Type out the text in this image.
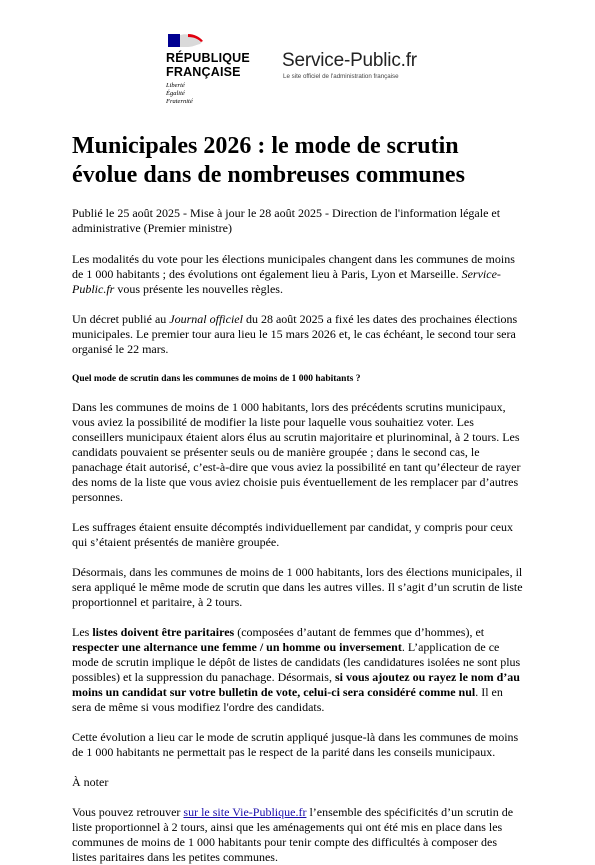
RÉPUBLIQUE
FRANÇAISE
Liberté
Égalité
Fraternité
Service-Public.fr
Le site officiel de l'administration française
Municipales 2026 : le mode de scrutin évolue dans de nombreuses communes

Publié le 25 août 2025 - Mise à jour le 28 août 2025 - Direction de l'information légale et administrative (Premier ministre)

Les modalités du vote pour les élections municipales changent dans les communes de moins de 1 000 habitants ; des évolutions ont également lieu à Paris, Lyon et Marseille. Service-Public.fr vous présente les nouvelles règles.

Un décret publié au Journal officiel du 28 août 2025 a fixé les dates des prochaines élections municipales. Le premier tour aura lieu le 15 mars 2026 et, le cas échéant, le second tour sera organisé le 22 mars.

Quel mode de scrutin dans les communes de moins de 1 000 habitants ?

Dans les communes de moins de 1 000 habitants, lors des précédents scrutins municipaux, vous aviez la possibilité de modifier la liste pour laquelle vous souhaitiez voter. Les conseillers municipaux étaient alors élus au scrutin majoritaire et plurinominal, à 2 tours. Les candidats pouvaient se présenter seuls ou de manière groupée ; dans le second cas, le panachage était autorisé, c’est-à-dire que vous aviez la possibilité en tant qu’électeur de rayer des noms de la liste que vous aviez choisie puis éventuellement de les remplacer par d’autres personnes.

Les suffrages étaient ensuite décomptés individuellement par candidat, y compris pour ceux qui s’étaient présentés de manière groupée.

Désormais, dans les communes de moins de 1 000 habitants, lors des élections municipales, il sera appliqué le même mode de scrutin que dans les autres villes. Il s’agit d’un scrutin de liste proportionnel et paritaire, à 2 tours.

Les listes doivent être paritaires (composées d’autant de femmes que d’hommes), et respecter une alternance une femme / un homme ou inversement. L’application de ce mode de scrutin implique le dépôt de listes de candidats (les candidatures isolées ne sont plus possibles) et la suppression du panachage. Désormais, si vous ajoutez ou rayez le nom d’au moins un candidat sur votre bulletin de vote, celui-ci sera considéré comme nul. Il en sera de même si vous modifiez l'ordre des candidats.

Cette évolution a lieu car le mode de scrutin appliqué jusque-là dans les communes de moins de 1 000 habitants ne permettait pas le respect de la parité dans les conseils municipaux.

À noter

Vous pouvez retrouver sur le site Vie-Publique.fr l’ensemble des spécificités d’un scrutin de liste proportionnel à 2 tours, ainsi que les aménagements qui ont été mis en place dans les communes de moins de 1 000 habitants pour tenir compte des difficultés à composer des listes paritaires dans les petites communes.
